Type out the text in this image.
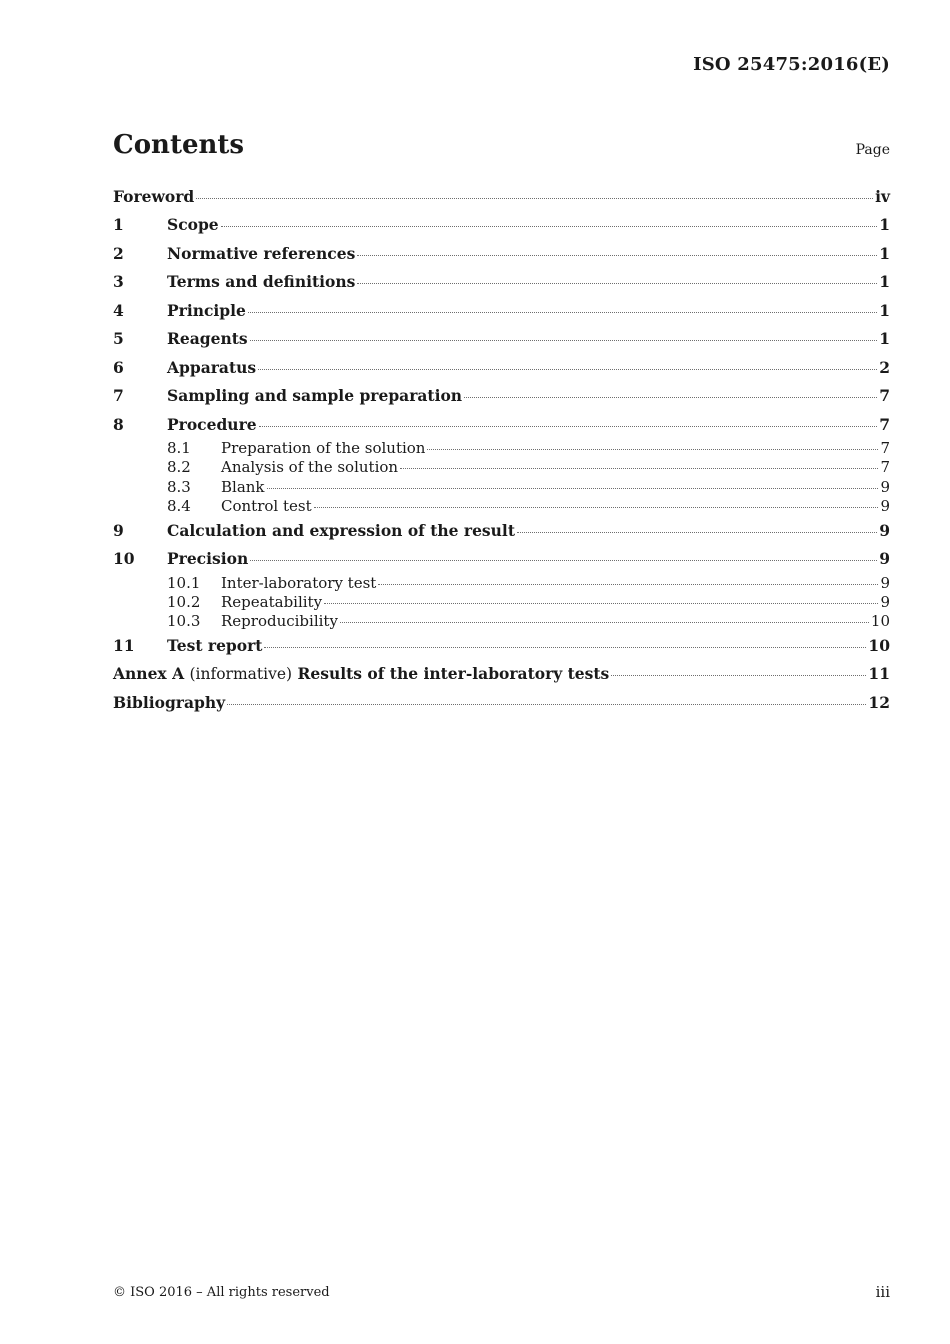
ISO 25475:2016(E)
Contents	Page
Foreword	iv
1	Scope	1
2	Normative references	1
3	Terms and definitions	1
4	Principle	1
5	Reagents	1
6	Apparatus	2
7	Sampling and sample preparation	7
8	Procedure	7
8.1	Preparation of the solution	7
8.2	Analysis of the solution	7
8.3	Blank	9
8.4	Control test	9
9	Calculation and expression of the result	9
10	Precision	9
10.1	Inter-laboratory test	9
10.2	Repeatability	9
10.3	Reproducibility	10
11	Test report	10
Annex A (informative) Results of the inter-laboratory tests	11
Bibliography	12
© ISO 2016 – All rights reserved	iii
